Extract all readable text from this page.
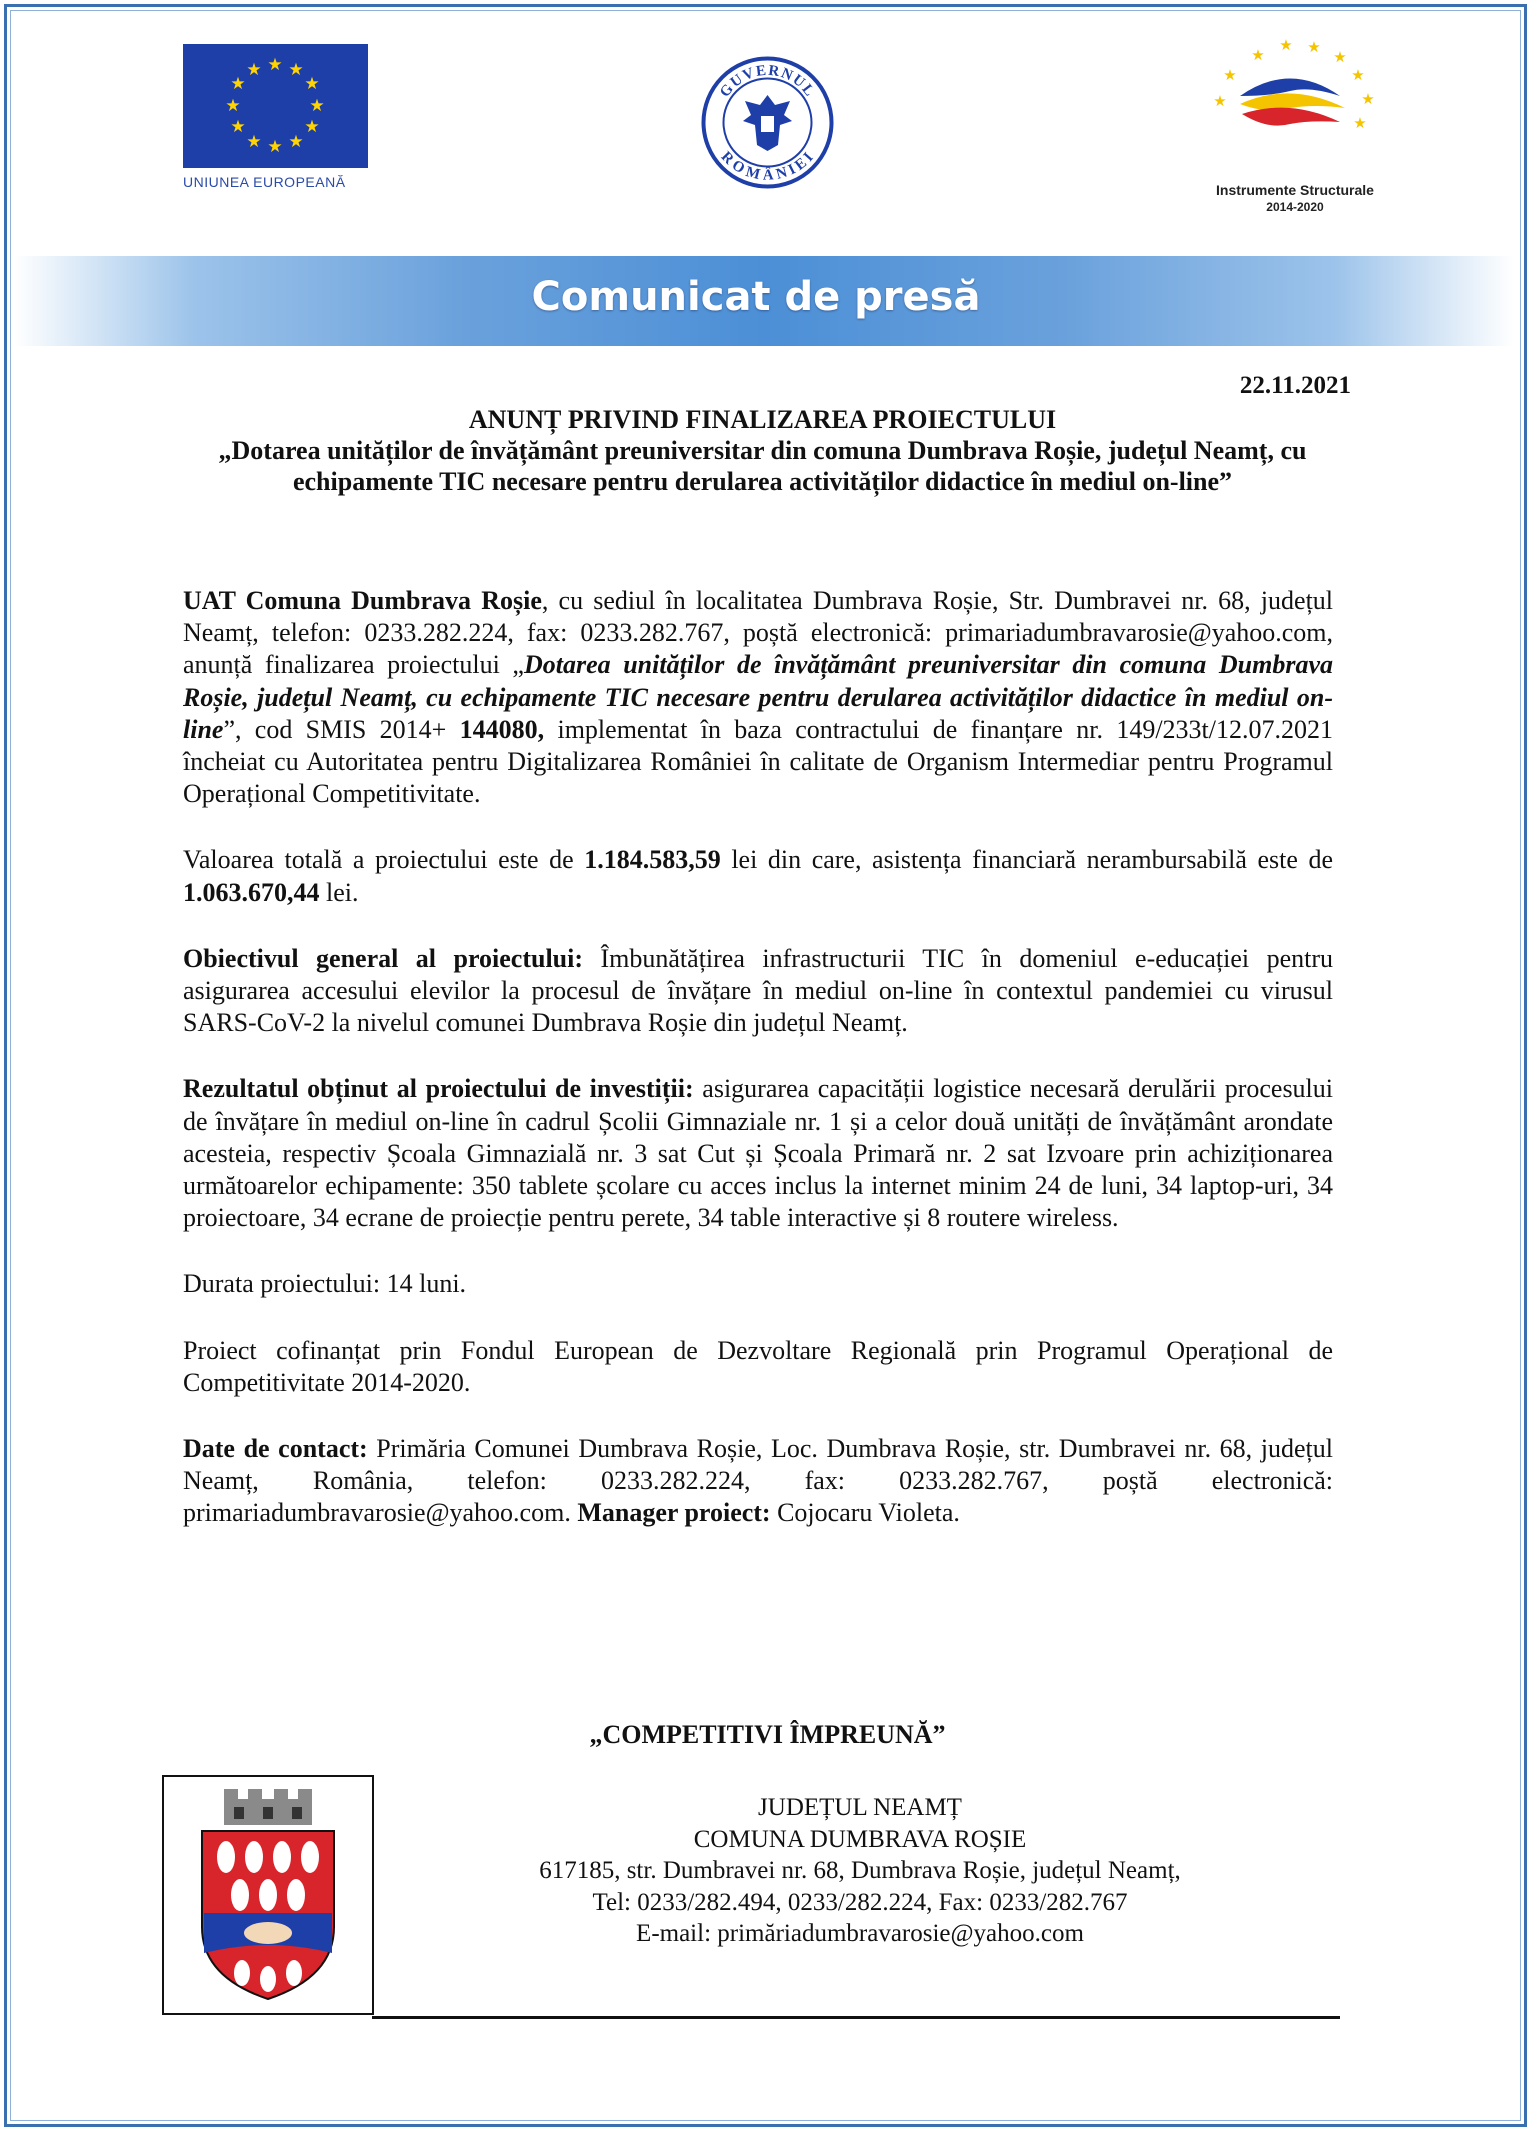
★ ★
★
★
★
★
★
★
★
★
★
★
UNIUNEA EUROPEANĂ
GUVERNUL
ROMÂNIEI
★
★ ★
★
★
★
★
★
★
Instrumente Structurale
2014-2020
Comunicat de presă
22.11.2021
ANUNȚ PRIVIND FINALIZAREA PROIECTULUI
„Dotarea unităților de învățământ preuniversitar din comuna Dumbrava Roșie, județul Neamț, cu echipamente TIC necesare pentru derularea activităților didactice în mediul on-line”

UAT Comuna Dumbrava Roșie, cu sediul în localitatea Dumbrava Roșie, Str. Dumbravei nr. 68, județul Neamț, telefon: 0233.282.224, fax: 0233.282.767, poștă electronică: primariadumbravarosie@yahoo.com, anunță finalizarea proiectului „Dotarea unităților de învățământ preuniversitar din comuna Dumbrava Roșie, județul Neamț, cu echipamente TIC necesare pentru derularea activităților didactice în mediul on-line”, cod SMIS 2014+ 144080, implementat în baza contractului de finanțare nr. 149/233t/12.07.2021 încheiat cu Autoritatea pentru Digitalizarea României în calitate de Organism Intermediar pentru Programul Operațional Competitivitate.

Valoarea totală a proiectului este de 1.184.583,59 lei din care, asistența financiară nerambursabilă este de 1.063.670,44 lei.

Obiectivul general al proiectului: Îmbunătățirea infrastructurii TIC în domeniul e-educației pentru asigurarea accesului elevilor la procesul de învățare în mediul on-line în contextul pandemiei cu virusul SARS-CoV-2 la nivelul comunei Dumbrava Roșie din județul Neamț.

Rezultatul obținut al proiectului de investiții: asigurarea capacității logistice necesară derulării procesului de învățare în mediul on-line în cadrul Școlii Gimnaziale nr. 1 și a celor două unități de învățământ arondate acesteia, respectiv Școala Gimnazială nr. 3 sat Cut și Școala Primară nr. 2 sat Izvoare prin achiziționarea următoarelor echipamente: 350 tablete școlare cu acces inclus la internet minim 24 de luni, 34 laptop-uri, 34 proiectoare, 34 ecrane de proiecție pentru perete, 34 table interactive și 8 routere wireless.

Durata proiectului: 14 luni.

Proiect cofinanțat prin Fondul European de Dezvoltare Regională prin Programul Operațional de Competitivitate 2014-2020.

Date de contact: Primăria Comunei Dumbrava Roșie, Loc. Dumbrava Roșie, str. Dumbravei nr. 68, județul Neamț, România, telefon: 0233.282.224, fax: 0233.282.767, poștă electronică: primariadumbravarosie@yahoo.com. Manager proiect: Cojocaru Violeta.

„COMPETITIVI ÎMPREUNĂ”
JUDEȚUL NEAMȚ
COMUNA DUMBRAVA ROȘIE
617185, str. Dumbravei nr. 68, Dumbrava Roșie, județul Neamț,
Tel: 0233/282.494, 0233/282.224, Fax: 0233/282.767
E-mail: primăriadumbravarosie@yahoo.com
